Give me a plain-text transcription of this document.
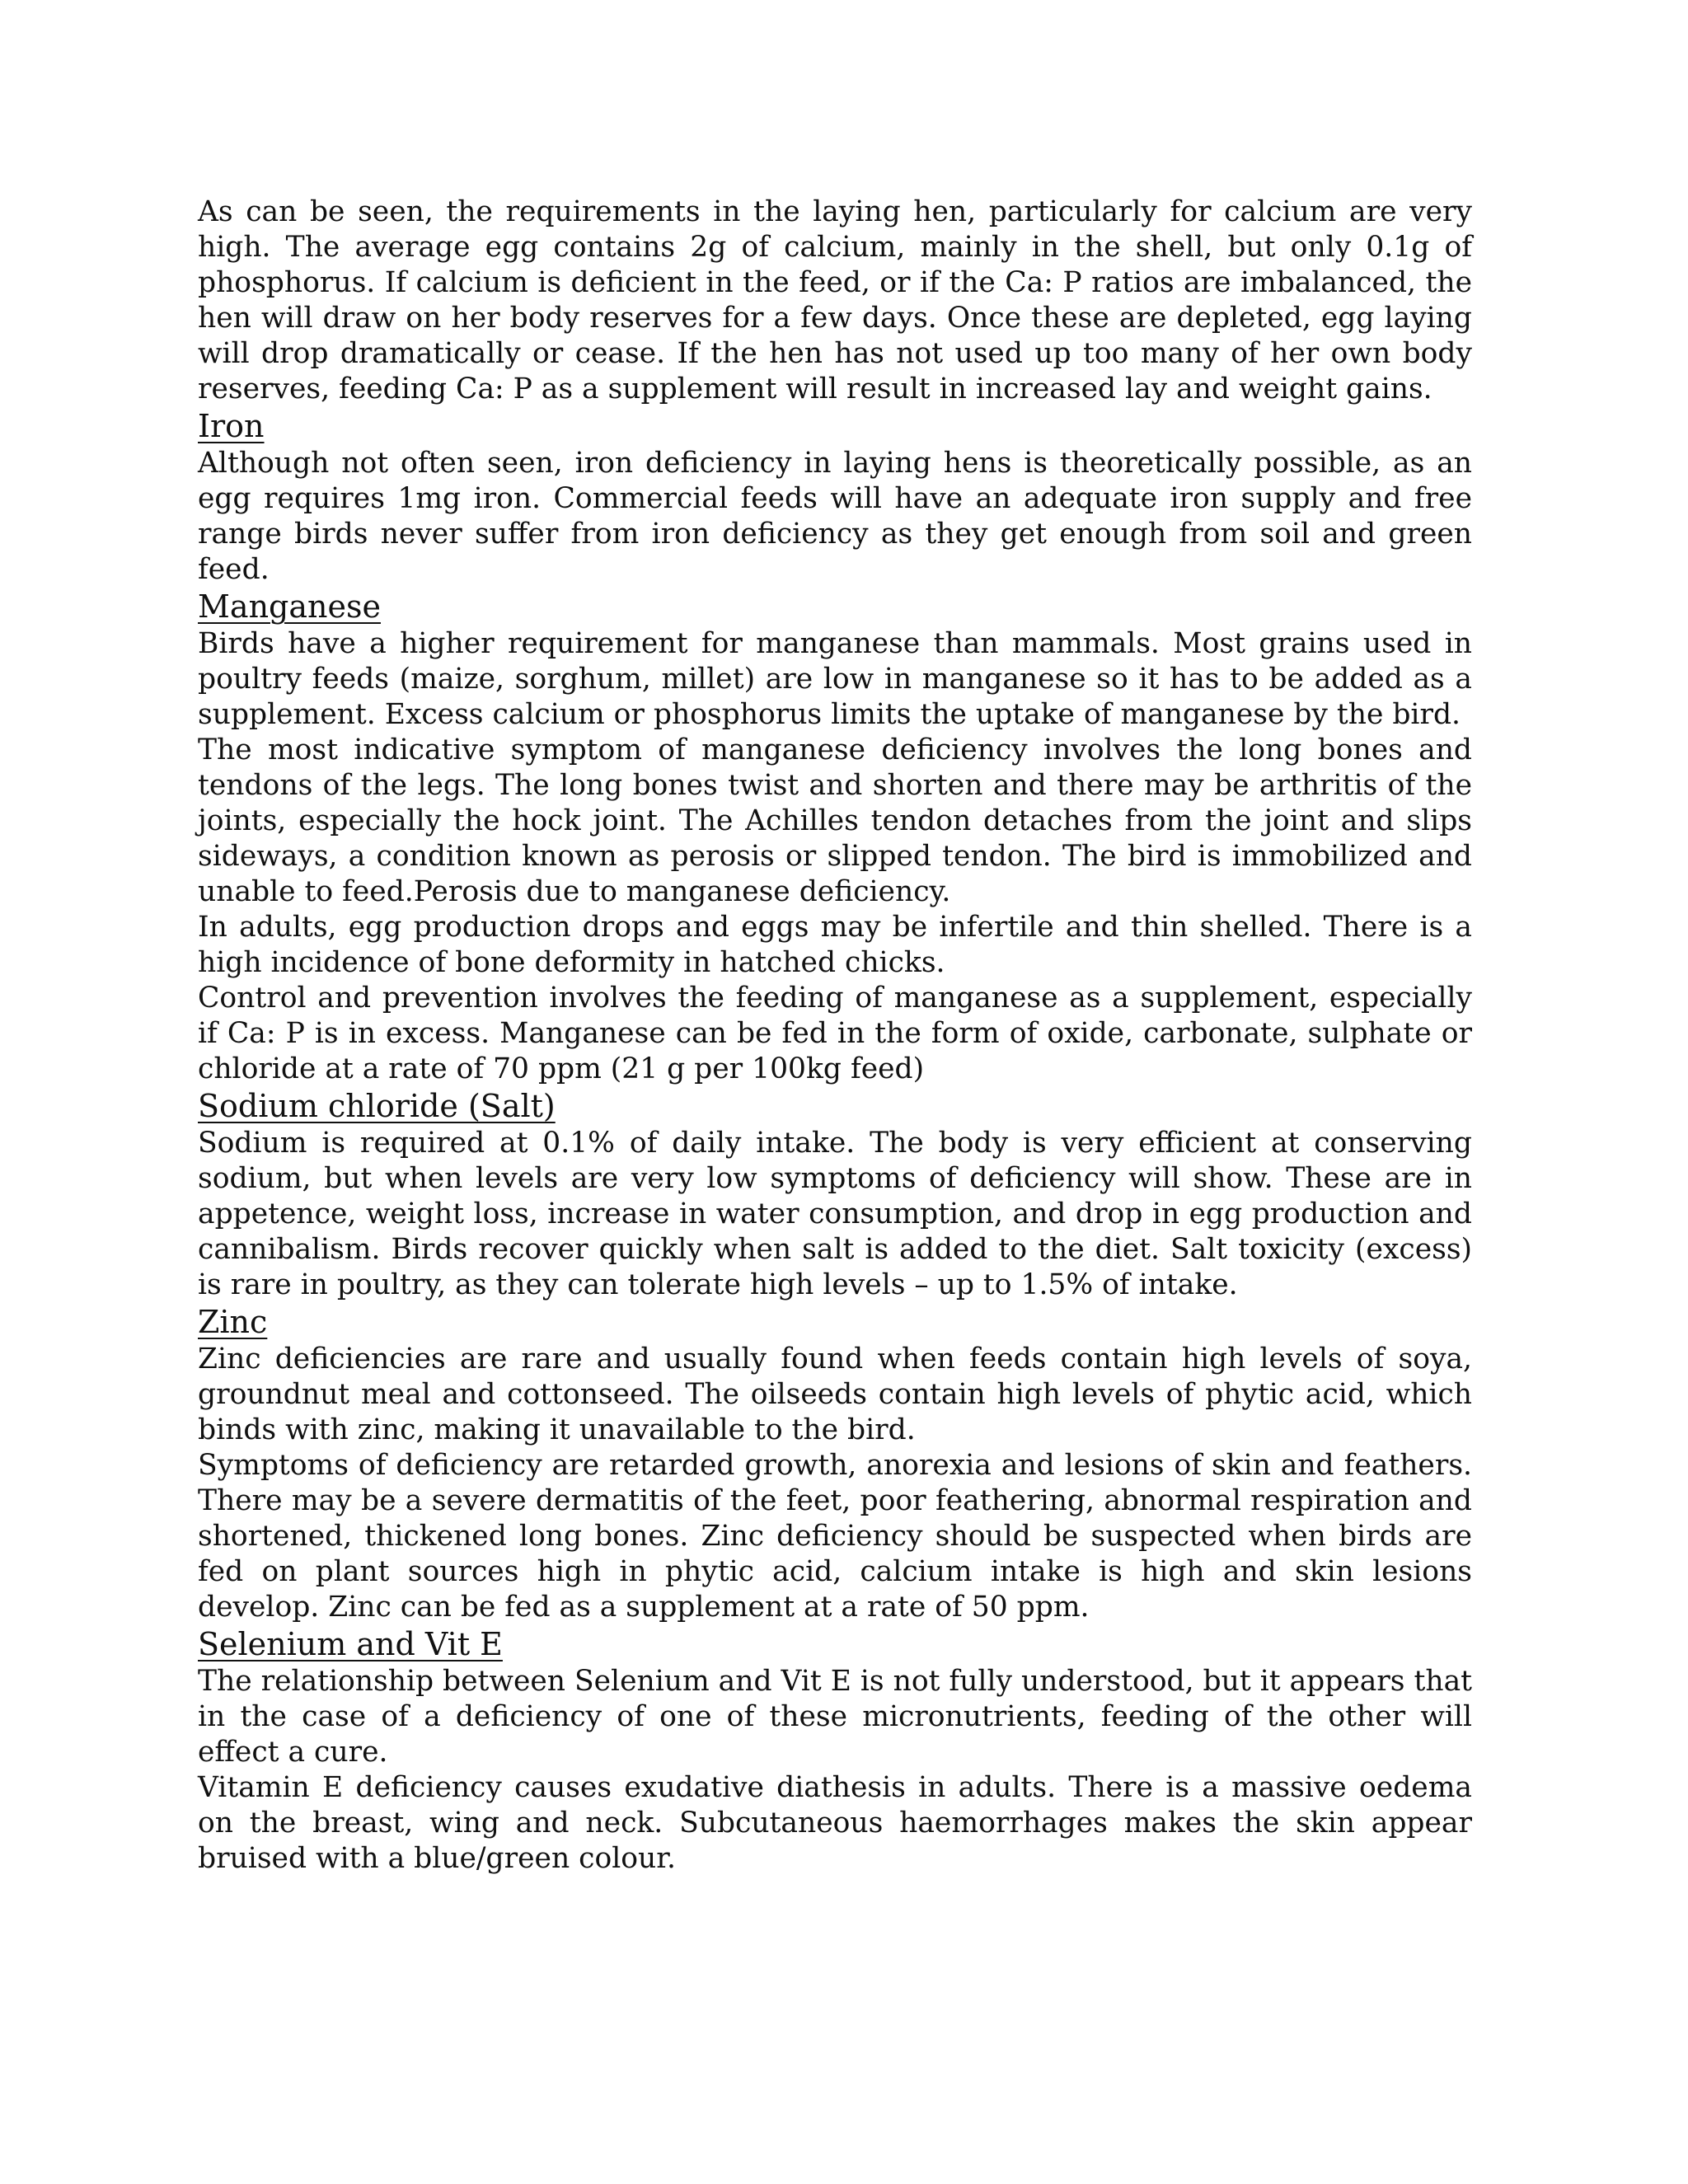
As can be seen, the requirements in the laying hen, particularly for calcium are very high. The average egg contains 2g of calcium, mainly in the shell, but only 0.1g of phosphorus. If calcium is deficient in the feed, or if the Ca: P ratios are imbalanced, the hen will draw on her body reserves for a few days. Once these are depleted, egg laying will drop dramatically or cease. If the hen has not used up too many of her own body reserves, feeding Ca: P as a supplement will result in increased lay and weight gains.

Iron

Although not often seen, iron deficiency in laying hens is theoretically possible, as an egg requires 1mg iron. Commercial feeds will have an adequate iron supply and free range birds never suffer from iron deficiency as they get enough from soil and green feed.

Manganese

Birds have a higher requirement for manganese than mammals. Most grains used in poultry feeds (maize, sorghum, millet) are low in manganese so it has to be added as a supplement. Excess calcium or phosphorus limits the uptake of manganese by the bird.

The most indicative symptom of manganese deficiency involves the long bones and tendons of the legs. The long bones twist and shorten and there may be arthritis of the joints, especially the hock joint. The Achilles tendon detaches from the joint and slips sideways, a condition known as perosis or slipped tendon. The bird is immobilized and unable to feed.Perosis due to manganese deficiency.

In adults, egg production drops and eggs may be infertile and thin shelled. There is a high incidence of bone deformity in hatched chicks.

Control and prevention involves the feeding of manganese as a supplement, especially if Ca: P is in excess. Manganese can be fed in the form of oxide, carbonate, sulphate or chloride at a rate of 70 ppm (21 g per 100kg feed)

Sodium chloride (Salt)

Sodium is required at 0.1% of daily intake. The body is very efficient at conserving sodium, but when levels are very low symptoms of deficiency will show. These are in appetence, weight loss, increase in water consumption, and drop in egg production and cannibalism. Birds recover quickly when salt is added to the diet. Salt toxicity (excess) is rare in poultry, as they can tolerate high levels – up to 1.5% of intake.

Zinc

Zinc deficiencies are rare and usually found when feeds contain high levels of soya, groundnut meal and cottonseed. The oilseeds contain high levels of phytic acid, which binds with zinc, making it unavailable to the bird.

Symptoms of deficiency are retarded growth, anorexia and lesions of skin and feathers. There may be a severe dermatitis of the feet, poor feathering, abnormal respiration and shortened, thickened long bones. Zinc deficiency should be suspected when birds are fed on plant sources high in phytic acid, calcium intake is high and skin lesions develop. Zinc can be fed as a supplement at a rate of 50 ppm.

Selenium and Vit E

The relationship between Selenium and Vit E is not fully understood, but it appears that in the case of a deficiency of one of these micronutrients, feeding of the other will effect a cure.

Vitamin E deficiency causes exudative diathesis in adults. There is a massive oedema on the breast, wing and neck. Subcutaneous haemorrhages makes the skin appear bruised with a blue/green colour.
